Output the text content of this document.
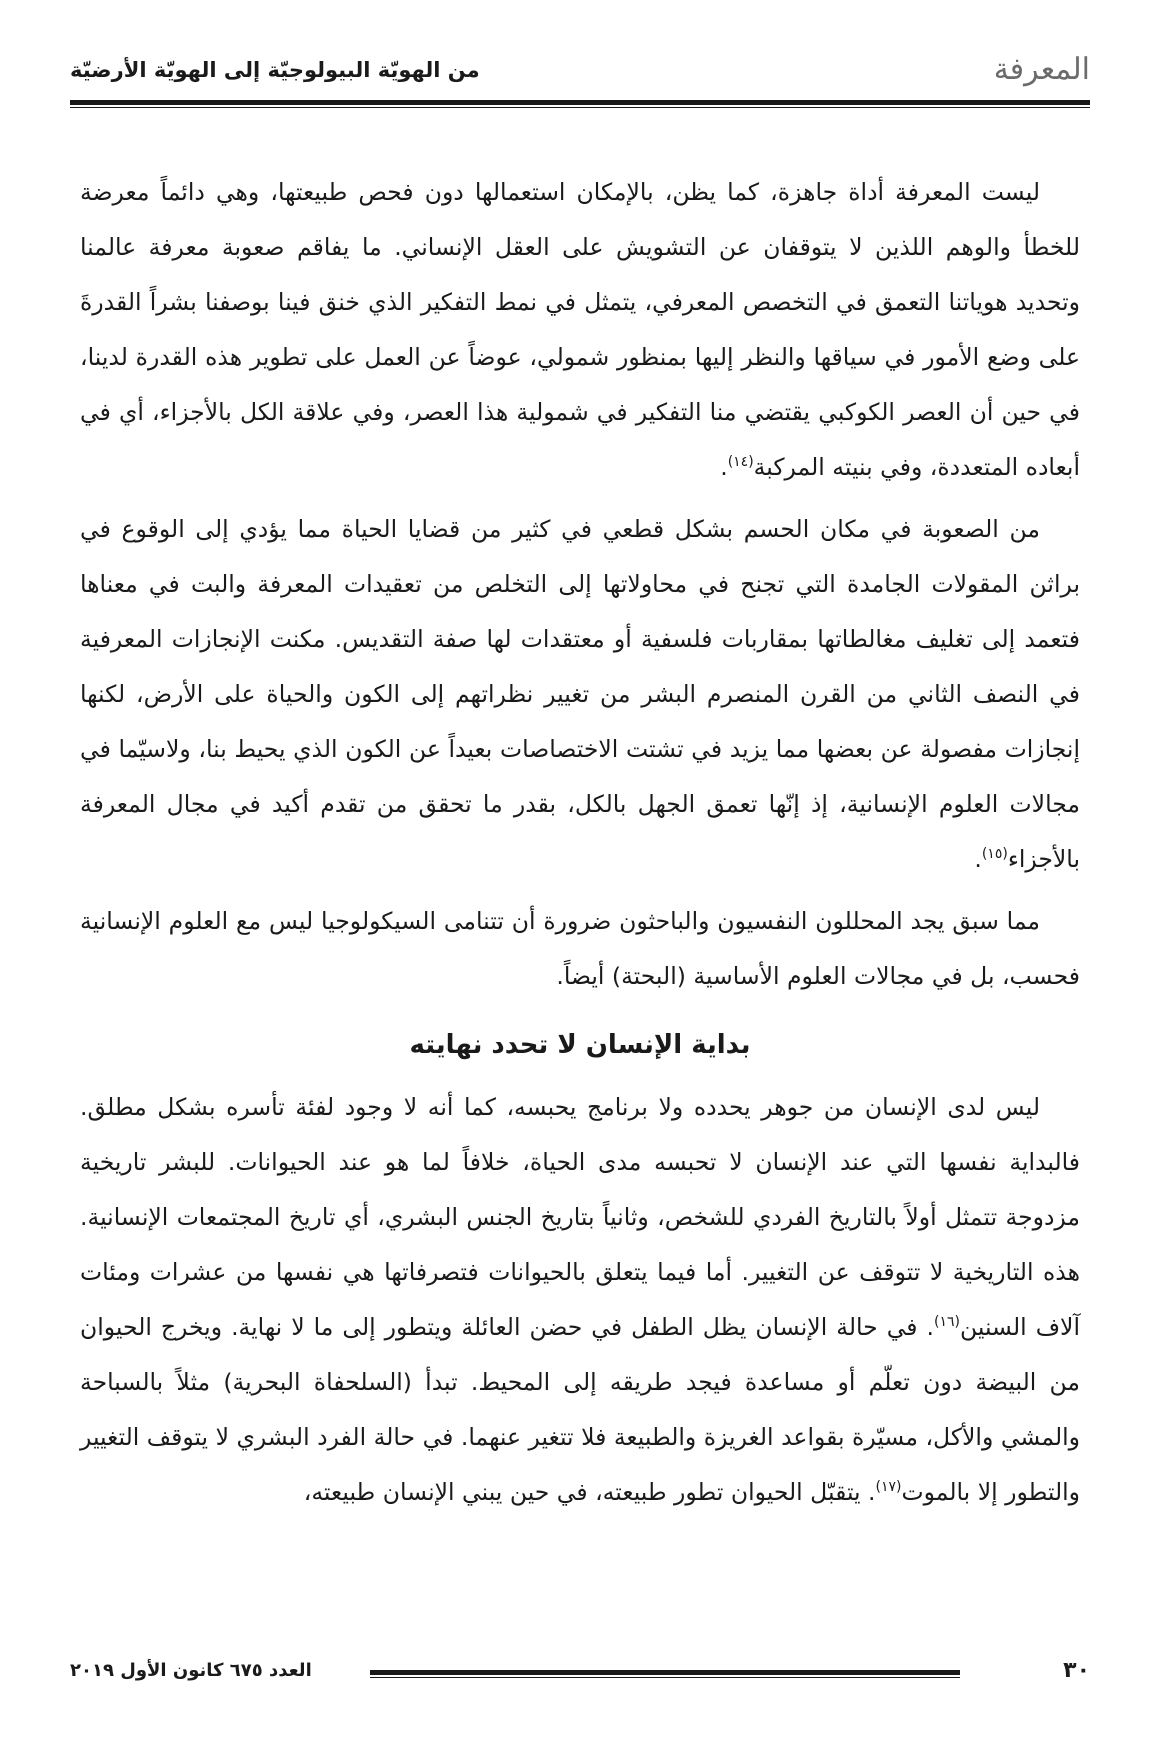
المعرفة
من الهويّة البيولوجيّة إلى الهويّة الأرضيّة

ليست المعرفة أداة جاهزة، كما يظن، بالإمكان استعمالها دون فحص طبيعتها، وهي دائماً معرضة للخطأ والوهم اللذين لا يتوقفان عن التشويش على العقل الإنساني. ما يفاقم صعوبة معرفة عالمنا وتحديد هوياتنا التعمق في التخصص المعرفي، يتمثل في نمط التفكير الذي خنق فينا بوصفنا بشراً القدرةَ على وضع الأمور في سياقها والنظر إليها بمنظور شمولي، عوضاً عن العمل على تطوير هذه القدرة لدينا، في حين أن العصر الكوكبي يقتضي منا التفكير في شمولية هذا العصر، وفي علاقة الكل بالأجزاء، أي في أبعاده المتعددة، وفي بنيته المركبة$^{(١٤)}$.

من الصعوبة في مكان الحسم بشكل قطعي في كثير من قضايا الحياة مما يؤدي إلى الوقوع في براثن المقولات الجامدة التي تجنح في محاولاتها إلى التخلص من تعقيدات المعرفة والبت في معناها فتعمد إلى تغليف مغالطاتها بمقاربات فلسفية أو معتقدات لها صفة التقديس. مكنت الإنجازات المعرفية في النصف الثاني من القرن المنصرم البشر من تغيير نظراتهم إلى الكون والحياة على الأرض، لكنها إنجازات مفصولة عن بعضها مما يزيد في تشتت الاختصاصات بعيداً عن الكون الذي يحيط بنا، ولاسيّما في مجالات العلوم الإنسانية، إذ إنّها تعمق الجهل بالكل، بقدر ما تحقق من تقدم أكيد في مجال المعرفة بالأجزاء$^{(١٥)}$.

مما سبق يجد المحللون النفسيون والباحثون ضرورة أن تتنامى السيكولوجيا ليس مع العلوم الإنسانية فحسب، بل في مجالات العلوم الأساسية (البحتة) أيضاً.

بداية الإنسان لا تحدد نهايته

ليس لدى الإنسان من جوهر يحدده ولا برنامج يحبسه، كما أنه لا وجود لفئة تأسره بشكل مطلق. فالبداية نفسها التي عند الإنسان لا تحبسه مدى الحياة، خلافاً لما هو عند الحيوانات. للبشر تاريخية مزدوجة تتمثل أولاً بالتاريخ الفردي للشخص، وثانياً بتاريخ الجنس البشري، أي تاريخ المجتمعات الإنسانية. هذه التاريخية لا تتوقف عن التغيير. أما فيما يتعلق بالحيوانات فتصرفاتها هي نفسها من عشرات ومئات آلاف السنين$^{(١٦)}$. في حالة الإنسان يظل الطفل في حضن العائلة ويتطور إلى ما لا نهاية. ويخرج الحيوان من البيضة دون تعلّم أو مساعدة فيجد طريقه إلى المحيط. تبدأ (السلحفاة البحرية) مثلاً بالسباحة والمشي والأكل، مسيّرة بقواعد الغريزة والطبيعة فلا تتغير عنهما. في حالة الفرد البشري لا يتوقف التغيير والتطور إلا بالموت$^{(١٧)}$. يتقبّل الحيوان تطور طبيعته، في حين يبني الإنسان طبيعته،

٣٠
العدد ٦٧٥ كانون الأول ٢٠١٩
